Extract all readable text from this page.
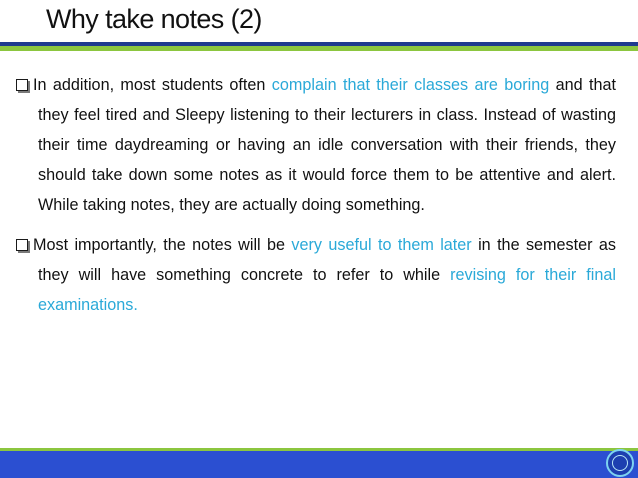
Why take notes (2)

In addition, most students often complain that their classes are boring and that they feel tired and Sleepy listening to their lecturers in class. Instead of wasting their time daydreaming or having an idle conversation with their friends, they should take down some notes as it would force them to be attentive and alert. While taking notes, they are actually doing something.

Most importantly, the notes will be very useful to them later in the semester as they will have something concrete to refer to while revising for their final examinations.
